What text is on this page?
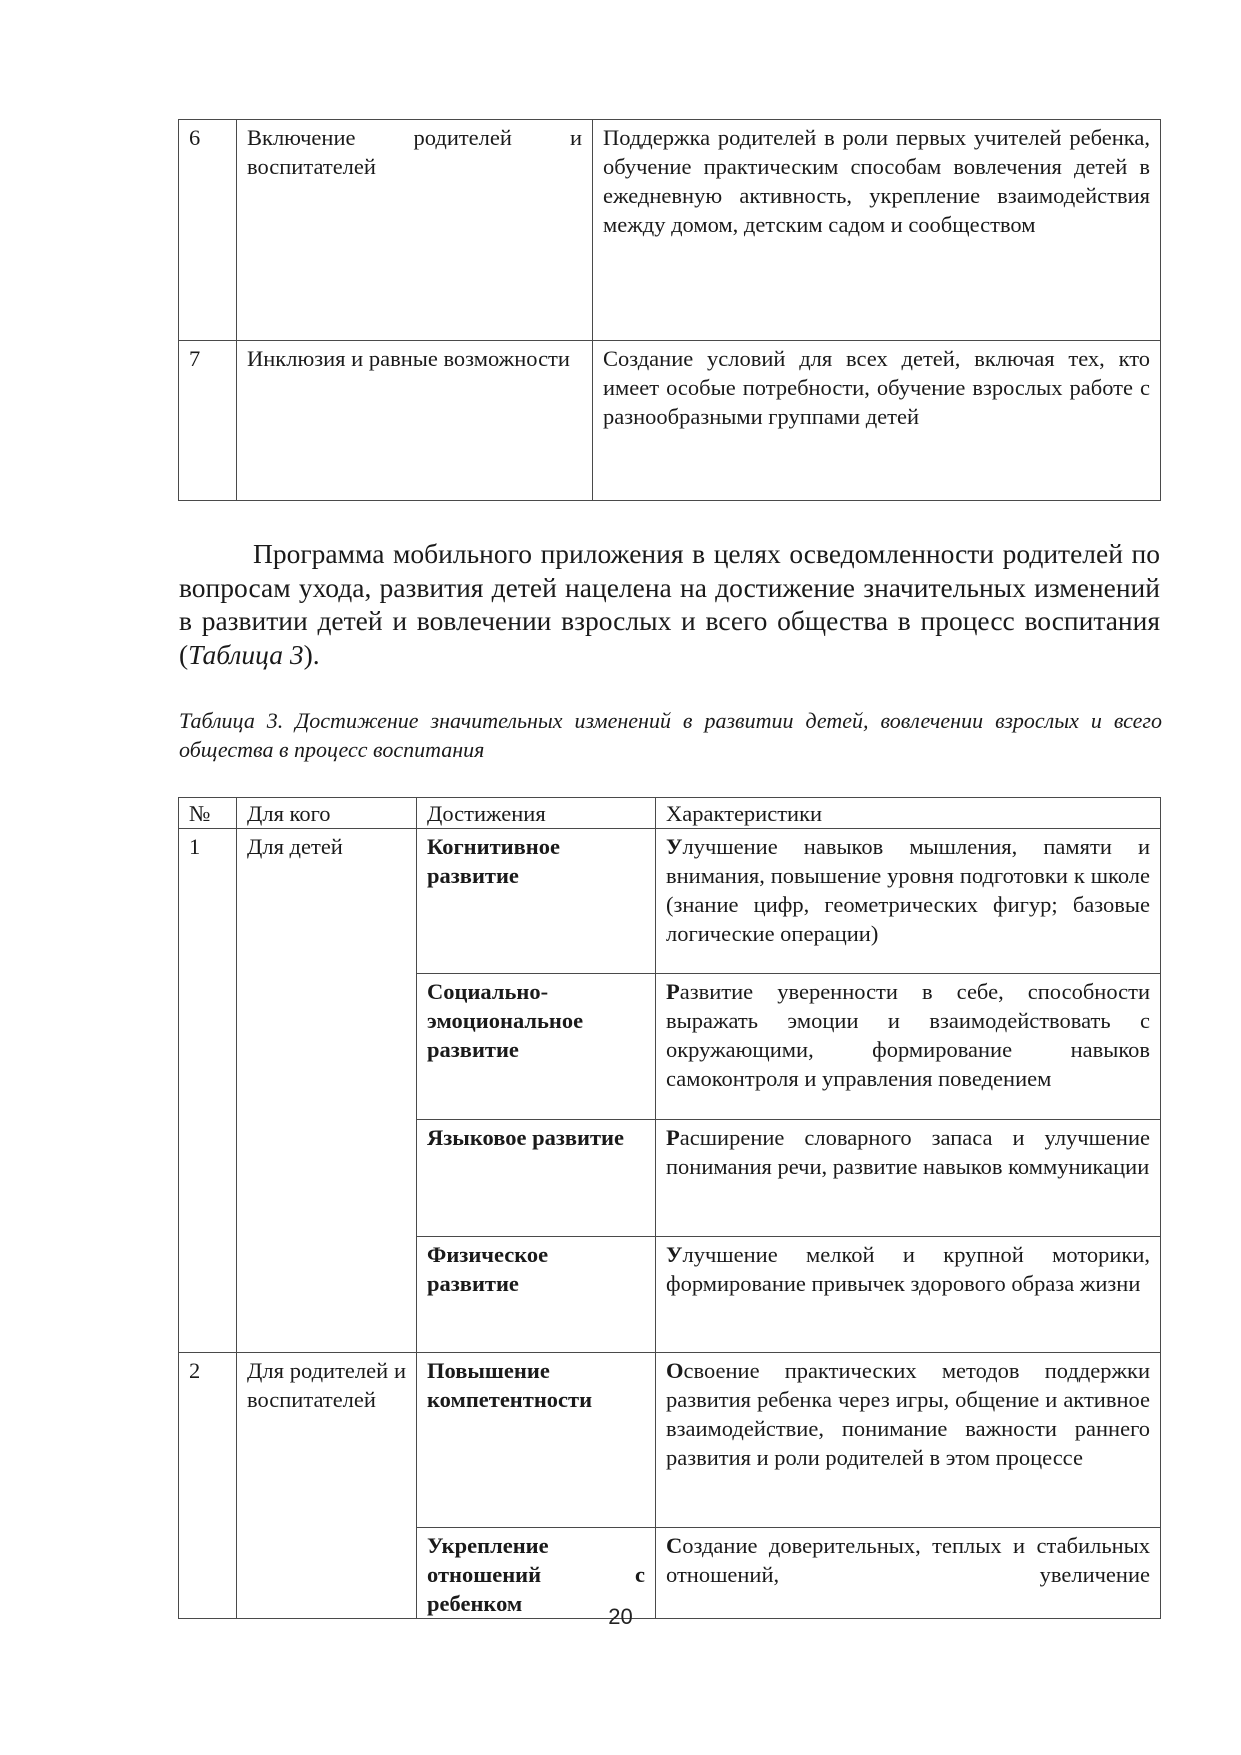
6	Включение родителей и воспитателей	Поддержка родителей в роли первых учителей ребенка, обучение практическим способам вовлечения детей в ежедневную активность, укрепление взаимодействия между домом, детским садом и сообществом
7	Инклюзия и равные возможности	Создание условий для всех детей, включая тех, кто имеет особые потребности, обучение взрослых работе с разнообразными группами детей

Программа мобильного приложения в целях осведомленности родителей по вопросам ухода, развития детей нацелена на достижение значительных изменений в развитии детей и вовлечении взрослых и всего общества в процесс воспитания (Таблица 3).

Таблица 3. Достижение значительных изменений в развитии детей, вовлечении взрослых и всего общества в процесс воспитания

№	Для кого	Достижения	Характеристики
1	Для детей	Когнитивное развитие	Улучшение навыков мышления, памяти и внимания, повышение уровня подготовки к школе (знание цифр, геометрических фигур; базовые логические операции)
		Социально-эмоциональное развитие	Развитие уверенности в себе, способности выражать эмоции и взаимодействовать с окружающими, формирование навыков самоконтроля и управления поведением
		Языковое развитие	Расширение словарного запаса и улучшение понимания речи, развитие навыков коммуникации
		Физическое развитие	Улучшение мелкой и крупной моторики, формирование привычек здорового образа жизни
2	Для родителей и воспитателей	Повышение компетентности	Освоение практических методов поддержки развития ребенка через игры, общение и активное взаимодействие, понимание важности раннего развития и роли родителей в этом процессе
		Укрепление отношений с ребенком	Создание доверительных, теплых и стабильных отношений, увеличение
20
